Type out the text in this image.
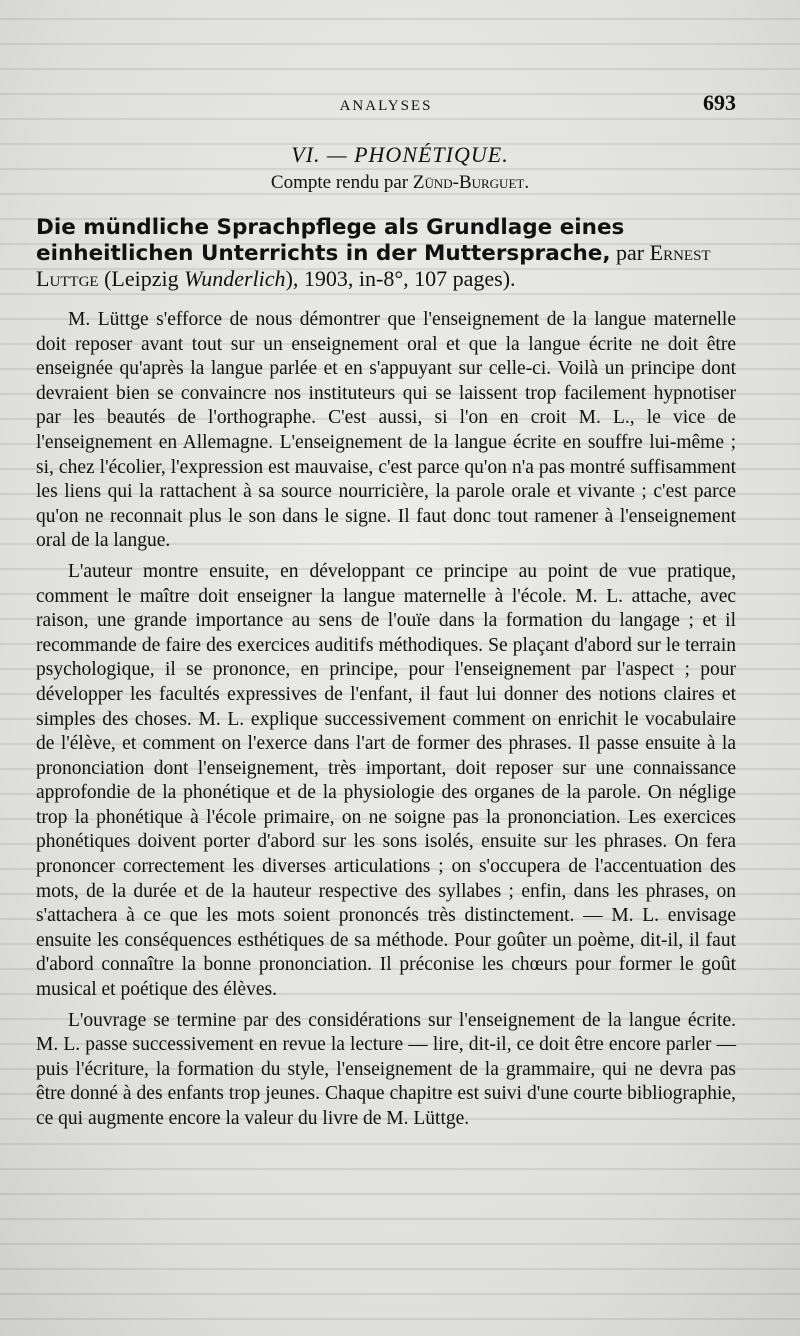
ANALYSES	693
VI. — PHONÉTIQUE.
Compte rendu par Zünd-Burguet.
Die mündliche Sprachpflege als Grundlage eines einheitlichen Unterrichts in der Muttersprache, par Ernest Luttge (Leipzig Wunderlich), 1903, in-8°, 107 pages).

M. Lüttge s'efforce de nous démontrer que l'enseignement de la langue maternelle doit reposer avant tout sur un enseignement oral et que la langue écrite ne doit être enseignée qu'après la langue parlée et en s'appuyant sur celle-ci. Voilà un principe dont devraient bien se convaincre nos instituteurs qui se laissent trop facilement hypnotiser par les beautés de l'orthographe. C'est aussi, si l'on en croit M. L., le vice de l'enseignement en Allemagne. L'enseignement de la langue écrite en souffre lui-même ; si, chez l'écolier, l'expression est mauvaise, c'est parce qu'on n'a pas montré suffisamment les liens qui la rattachent à sa source nourricière, la parole orale et vivante ; c'est parce qu'on ne reconnait plus le son dans le signe. Il faut donc tout ramener à l'enseignement oral de la langue.

L'auteur montre ensuite, en développant ce principe au point de vue pratique, comment le maître doit enseigner la langue maternelle à l'école. M. L. attache, avec raison, une grande importance au sens de l'ouïe dans la formation du langage ; et il recommande de faire des exercices auditifs méthodiques. Se plaçant d'abord sur le terrain psychologique, il se prononce, en principe, pour l'enseignement par l'aspect ; pour développer les facultés expressives de l'enfant, il faut lui donner des notions claires et simples des choses. M. L. explique successivement comment on enrichit le vocabulaire de l'élève, et comment on l'exerce dans l'art de former des phrases. Il passe ensuite à la prononciation dont l'enseignement, très important, doit reposer sur une connaissance approfondie de la phonétique et de la physiologie des organes de la parole. On néglige trop la phonétique à l'école primaire, on ne soigne pas la prononciation. Les exercices phonétiques doivent porter d'abord sur les sons isolés, ensuite sur les phrases. On fera prononcer correctement les diverses articulations ; on s'occupera de l'accentuation des mots, de la durée et de la hauteur respective des syllabes ; enfin, dans les phrases, on s'attachera à ce que les mots soient prononcés très distinctement. — M. L. envisage ensuite les conséquences esthétiques de sa méthode. Pour goûter un poème, dit-il, il faut d'abord connaître la bonne prononciation. Il préconise les chœurs pour former le goût musical et poétique des élèves.

L'ouvrage se termine par des considérations sur l'enseignement de la langue écrite. M. L. passe successivement en revue la lecture — lire, dit-il, ce doit être encore parler — puis l'écriture, la formation du style, l'enseignement de la grammaire, qui ne devra pas être donné à des enfants trop jeunes. Chaque chapitre est suivi d'une courte bibliographie, ce qui augmente encore la valeur du livre de M. Lüttge.
